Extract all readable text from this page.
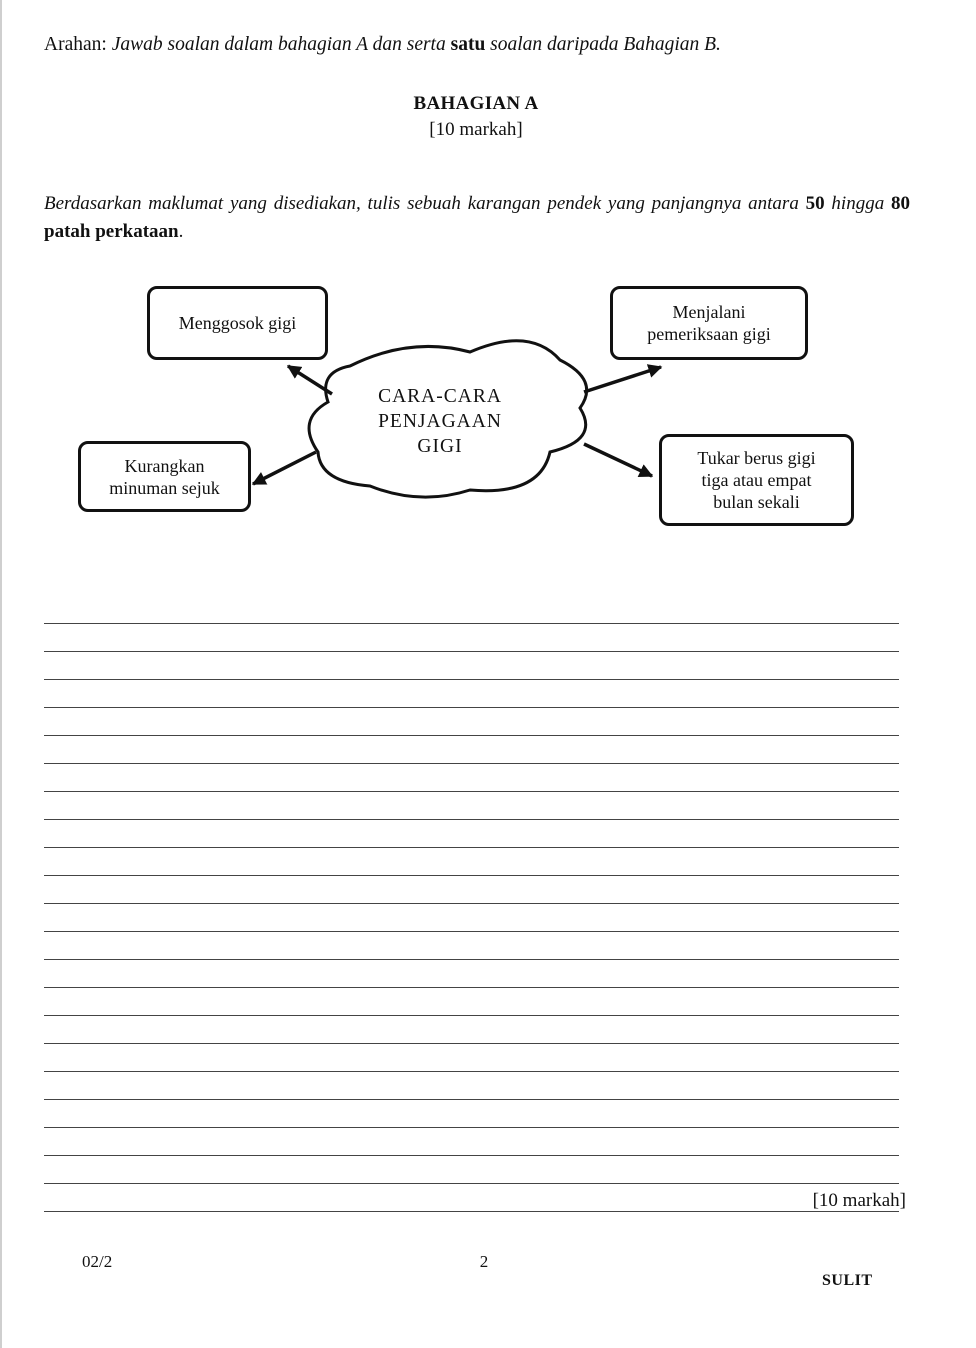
Arahan: Jawab soalan dalam bahagian A dan serta satu soalan daripada Bahagian B.
BAHAGIAN A
[10 markah]
Berdasarkan maklumat yang disediakan, tulis sebuah karangan pendek yang panjangnya antara 50 hingga 80 patah perkataan.
CARA-CARA
PENJAGAAN
GIGI
Menggosok gigi
Menjalani
pemeriksaan gigi
Kurangkan
minuman sejuk
Tukar berus gigi
tiga atau empat
bulan sekali
[10 markah]
02/2	2
SULIT
